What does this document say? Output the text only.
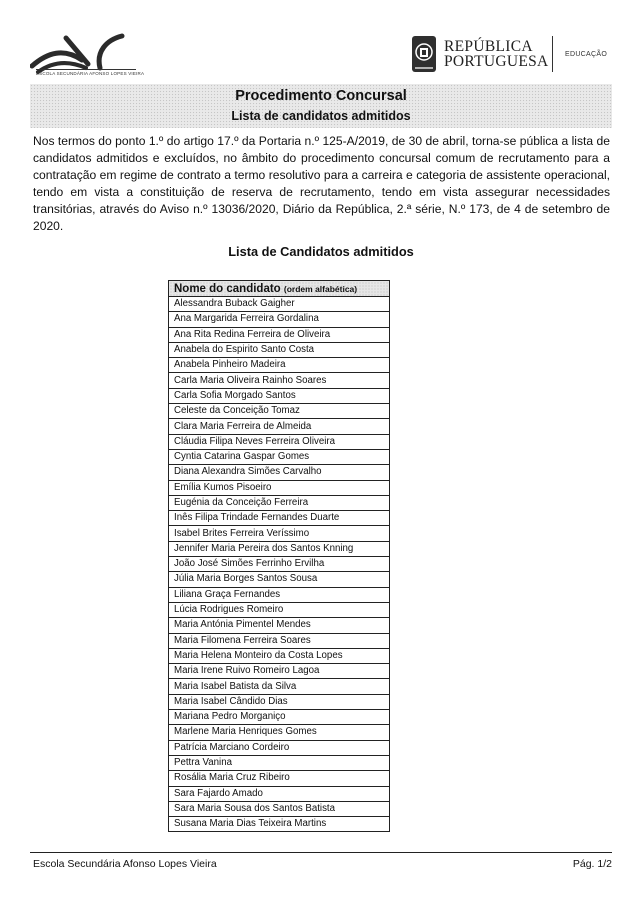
ESCOLA SECUNDÁRIA AFONSO LOPES VIEIRA
REPÚBLICA
PORTUGUESA EDUCAÇÃO
Procedimento Concursal
Lista de candidatos admitidos
Nos termos do ponto 1.º do artigo 17.º da Portaria n.º 125-A/2019, de 30 de abril, torna-se pública a lista de candidatos admitidos e excluídos, no âmbito do procedimento concursal comum de recrutamento para a contratação em regime de contrato a termo resolutivo para a carreira e categoria de assistente operacional, tendo em vista a constituição de reserva de recrutamento, tendo em vista assegurar necessidades transitórias, através do Aviso n.º 13036/2020, Diário da República, 2.ª série, N.º 173, de 4 de setembro de 2020.
Lista de Candidatos admitidos
Nome do candidato (ordem alfabética)
Alessandra Buback Gaigher
Ana Margarida Ferreira Gordalina
Ana Rita Redina Ferreira de Oliveira
Anabela do Espirito Santo Costa
Anabela Pinheiro Madeira
Carla Maria Oliveira Rainho Soares
Carla Sofia Morgado Santos
Celeste da Conceição Tomaz
Clara Maria Ferreira de Almeida
Cláudia Filipa Neves Ferreira Oliveira
Cyntia Catarina Gaspar Gomes
Diana Alexandra Simões Carvalho
Emília Kumos Pisoeiro
Eugénia da Conceição Ferreira
Inês Filipa Trindade Fernandes Duarte
Isabel Brites Ferreira Veríssimo
Jennifer Maria Pereira dos Santos Knning
João José Simões Ferrinho Ervilha
Júlia Maria Borges Santos Sousa
Liliana Graça Fernandes
Lúcia Rodrigues Romeiro
Maria Antónia Pimentel Mendes
Maria Filomena Ferreira Soares
Maria Helena Monteiro da Costa Lopes
Maria Irene Ruivo Romeiro Lagoa
Maria Isabel Batista da Silva
Maria Isabel Cândido Dias
Mariana Pedro Morganiço
Marlene Maria Henriques Gomes
Patrícia Marciano Cordeiro
Pettra Vanina
Rosália Maria Cruz Ribeiro
Sara Fajardo Amado
Sara Maria Sousa dos Santos Batista
Susana Maria Dias Teixeira Martins
Escola Secundária Afonso Lopes Vieira	Pág. 1/2
